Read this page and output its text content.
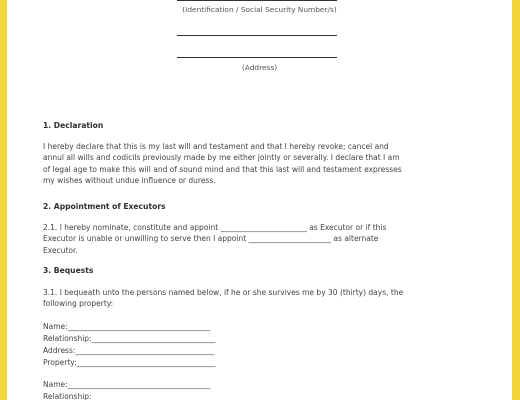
(Identification / Social Security Number/s)
(Address)
1. Declaration
I hereby declare that this is my last will and testament and that I hereby revoke; cancel and
annul all wills and codicils previously made by me either jointly or severally. I declare that I am
of legal age to make this will and of sound mind and that this last will and testament expresses
my wishes without undue influence or duress.
2. Appointment of Executors
2.1. I hereby nominate, constitute and appoint _______________________ as Executor or if this
Executor is unable or unwilling to serve then I appoint ______________________ as alternate
Executor.
3. Bequests
3.1. I bequeath unto the persons named below, if he or she survives me by 30 (thirty) days, the
following property:
Name:______________________________________
Relationship:_________________________________
Address:_____________________________________
Property:_____________________________________
Name:______________________________________
Relationship:
